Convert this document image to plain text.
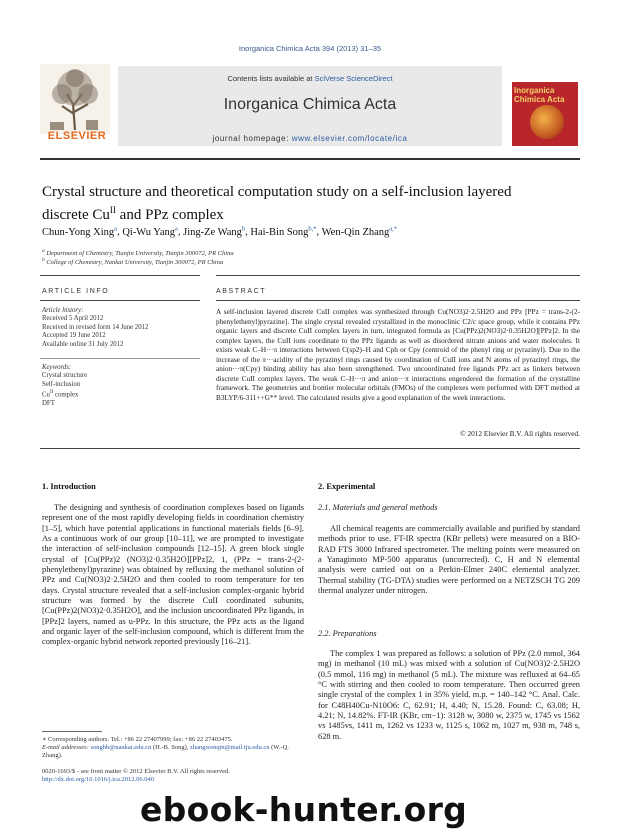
Inorganica Chimica Acta 394 (2013) 31–35
Contents lists available at SciVerse ScienceDirect
Inorganica Chimica Acta
journal homepage: www.elsevier.com/locate/ica
ELSEVIER
Inorganica
Chimica Acta
Crystal structure and theoretical computation study on a self-inclusion layered
discrete $Cu^{II}$ and PPz complex
Chun-Yong Xing$^a$, Qi-Wu Yang$^a$, Jing-Ze Wang$^b$, Hai-Bin Song$^{b,*}$, Wen-Qin Zhang$^{a,*}$
$^a$ Department of Chemistry, Tianjin University, Tianjin 300072, PR China
$^b$ College of Chemistry, Nankai University, Tianjin 300072, PR China
ARTICLE INFO	ABSTRACT
Article history:
Received 5 April 2012
Received in revised form 14 June 2012
Accepted 19 June 2012
Available online 31 July 2012
Keywords:
Crystal structure
Self-inclusion
$Cu^{II}$ complex
DFT
A self-inclusion layered discrete CuII complex was synthesized through Cu(NO3)2·2.5H2O and PPz [PPz = trans-2-(2-phenylethenyl)pyrazine]. The single crystal revealed crystallized in the monoclinic C2/c space group, while it contains PPz organic layers and discrete CuII complex layers in turn, integrated formula as [Cu(PPz)2(NO3)2·0.35H2O][PPz]2. In the complex layers, the CuII ions coordinate to the PPz ligands as well as disordered nitrate anions and water molecules. It exists weak C–H···π interactions between C(sp2)–H and Cph or Cpy (centroid of the phenyl ring or pyrazinyl). Due to the increase of the π···acidity of the pyrazinyl rings caused by coordination of CuII ions and N atoms of pyrazinyl rings, the anion···π(Cpy) binding ability has also been strengthened. Two uncoordinated free ligands PPz act as linkers between discrete CuII complex layers. The weak C–H···π and anion···π interactions engendered the formation of the crystalline framework. The geometries and frontier molecular orbitals (FMOs) of the complexes were performed with DFT method at B3LYP/6-311++G** level. The calculated results give a good explanation of the week interactions.
© 2012 Elsevier B.V. All rights reserved.
1. Introduction

The designing and synthesis of coordination complexes based on ligands represent one of the most rapidly developing fields in coordination chemistry [1–5], which have potential applications in functional materials fields [6–9]. As a continuous work of our group [10–11], we are prompted to investigate the interaction of self-inclusion compounds [12–15]. A green block single crystal of [Cu(PPz)2 (NO3)2·0.35H2O][PPz]2, 1, (PPz = trans-2-(2-phenylethenyl)pyrazine) was obtained by refluxing the methanol solution of PPz and Cu(NO3)2·2.5H2O and then cooled to room temperature for ten days. Crystal structure revealed that a self-inclusion complex-organic hybrid structure was formed by the discrete CuII coordinated subunits, [Cu(PPz)2(NO3)2·0.35H2O], and the inclusion uncoordinated PPz ligands, in [PPz]2 layers, named as u-PPz. In this structure, the PPz acts as the ligand and organic layer of the self-inclusion compound, which is different from the complex-organic hybrid network reported previously [16–21].

2. Experimental
2.1. Materials and general methods

All chemical reagents are commercially available and purified by standard methods prior to use. FT-IR spectra (KBr pellets) were measured on a BIO-RAD FTS 3000 Infrared spectrometer. The melting points were measured on a Yanagimoto MP-500 apparatus (uncorrected). C, H and N elemental analysis were carried out on a Perkin-Elmer 240C elemental analyzer. Thermal stability (TG-DTA) studies were performed on a NETZSCH TG 209 thermal analyzer under nitrogen.

2.2. Preparations

The complex 1 was prepared as follows: a solution of PPz (2.0 mmol, 364 mg) in methanol (10 mL) was mixed with a solution of Cu(NO3)2·2.5H2O (0.5 mmol, 116 mg) in methanol (5 mL). The mixture was refluxed at 64–65 °C with stirring and then cooled to room temperature. Then occurred green single crystal of the complex 1 in 35% yield, m.p. = 140–142 °C. Anal. Calc. for C48H40Cu-N10O6: C, 62.91; H, 4.40; N, 15.28. Found: C, 63.08; H, 4.21; N, 14.82%. FT-IR (KBr, cm−1): 3128 w, 3080 w, 2375 w, 1745 vs 1562 vs 1485vs, 1411 m, 1262 vs 1233 w, 1125 s, 1062 m, 1027 m, 938 m, 748 s, 628 m.

∗ Corresponding authors. Tel.: +86 22 27407999; fax: +86 22 27403475.
E-mail addresses: songhb@nankai.edu.cn (H.-B. Song), zhangwenqin@mail.tju.edu.cn (W.-Q. Zhang).
0020-1693/$ - see front matter © 2012 Elsevier B.V. All rights reserved.
http://dx.doi.org/10.1016/j.ica.2012.06.040
ebook-hunter.org
